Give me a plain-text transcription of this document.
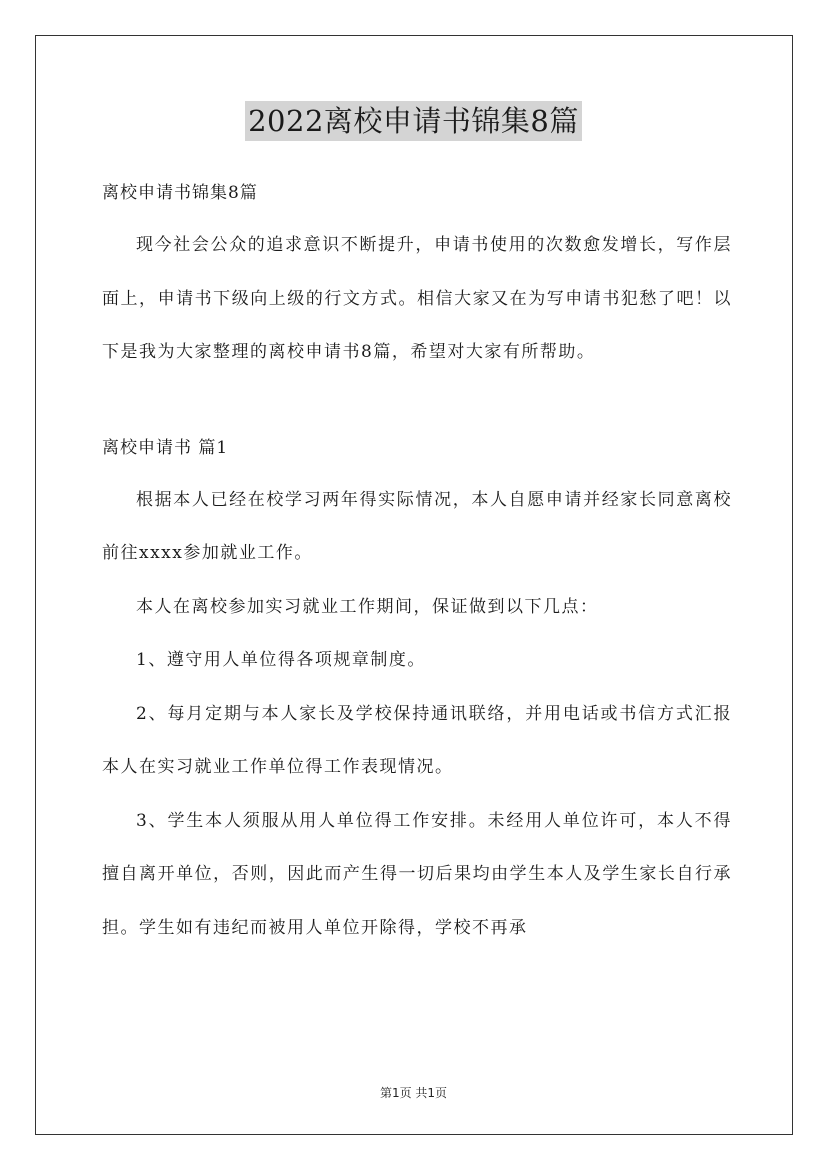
2022离校申请书锦集8篇

离校申请书锦集8篇

现今社会公众的追求意识不断提升，申请书使用的次数愈发增长，写作层面上，申请书下级向上级的行文方式。相信大家又在为写申请书犯愁了吧！以下是我为大家整理的离校申请书8篇，希望对大家有所帮助。

离校申请书 篇1

根据本人已经在校学习两年得实际情况，本人自愿申请并经家长同意离校前往xxxx参加就业工作。

本人在离校参加实习就业工作期间，保证做到以下几点：

1、遵守用人单位得各项规章制度。

2、每月定期与本人家长及学校保持通讯联络，并用电话或书信方式汇报本人在实习就业工作单位得工作表现情况。

3、学生本人须服从用人单位得工作安排。未经用人单位许可，本人不得擅自离开单位，否则，因此而产生得一切后果均由学生本人及学生家长自行承担。学生如有违纪而被用人单位开除得，学校不再承

第1页 共1页
